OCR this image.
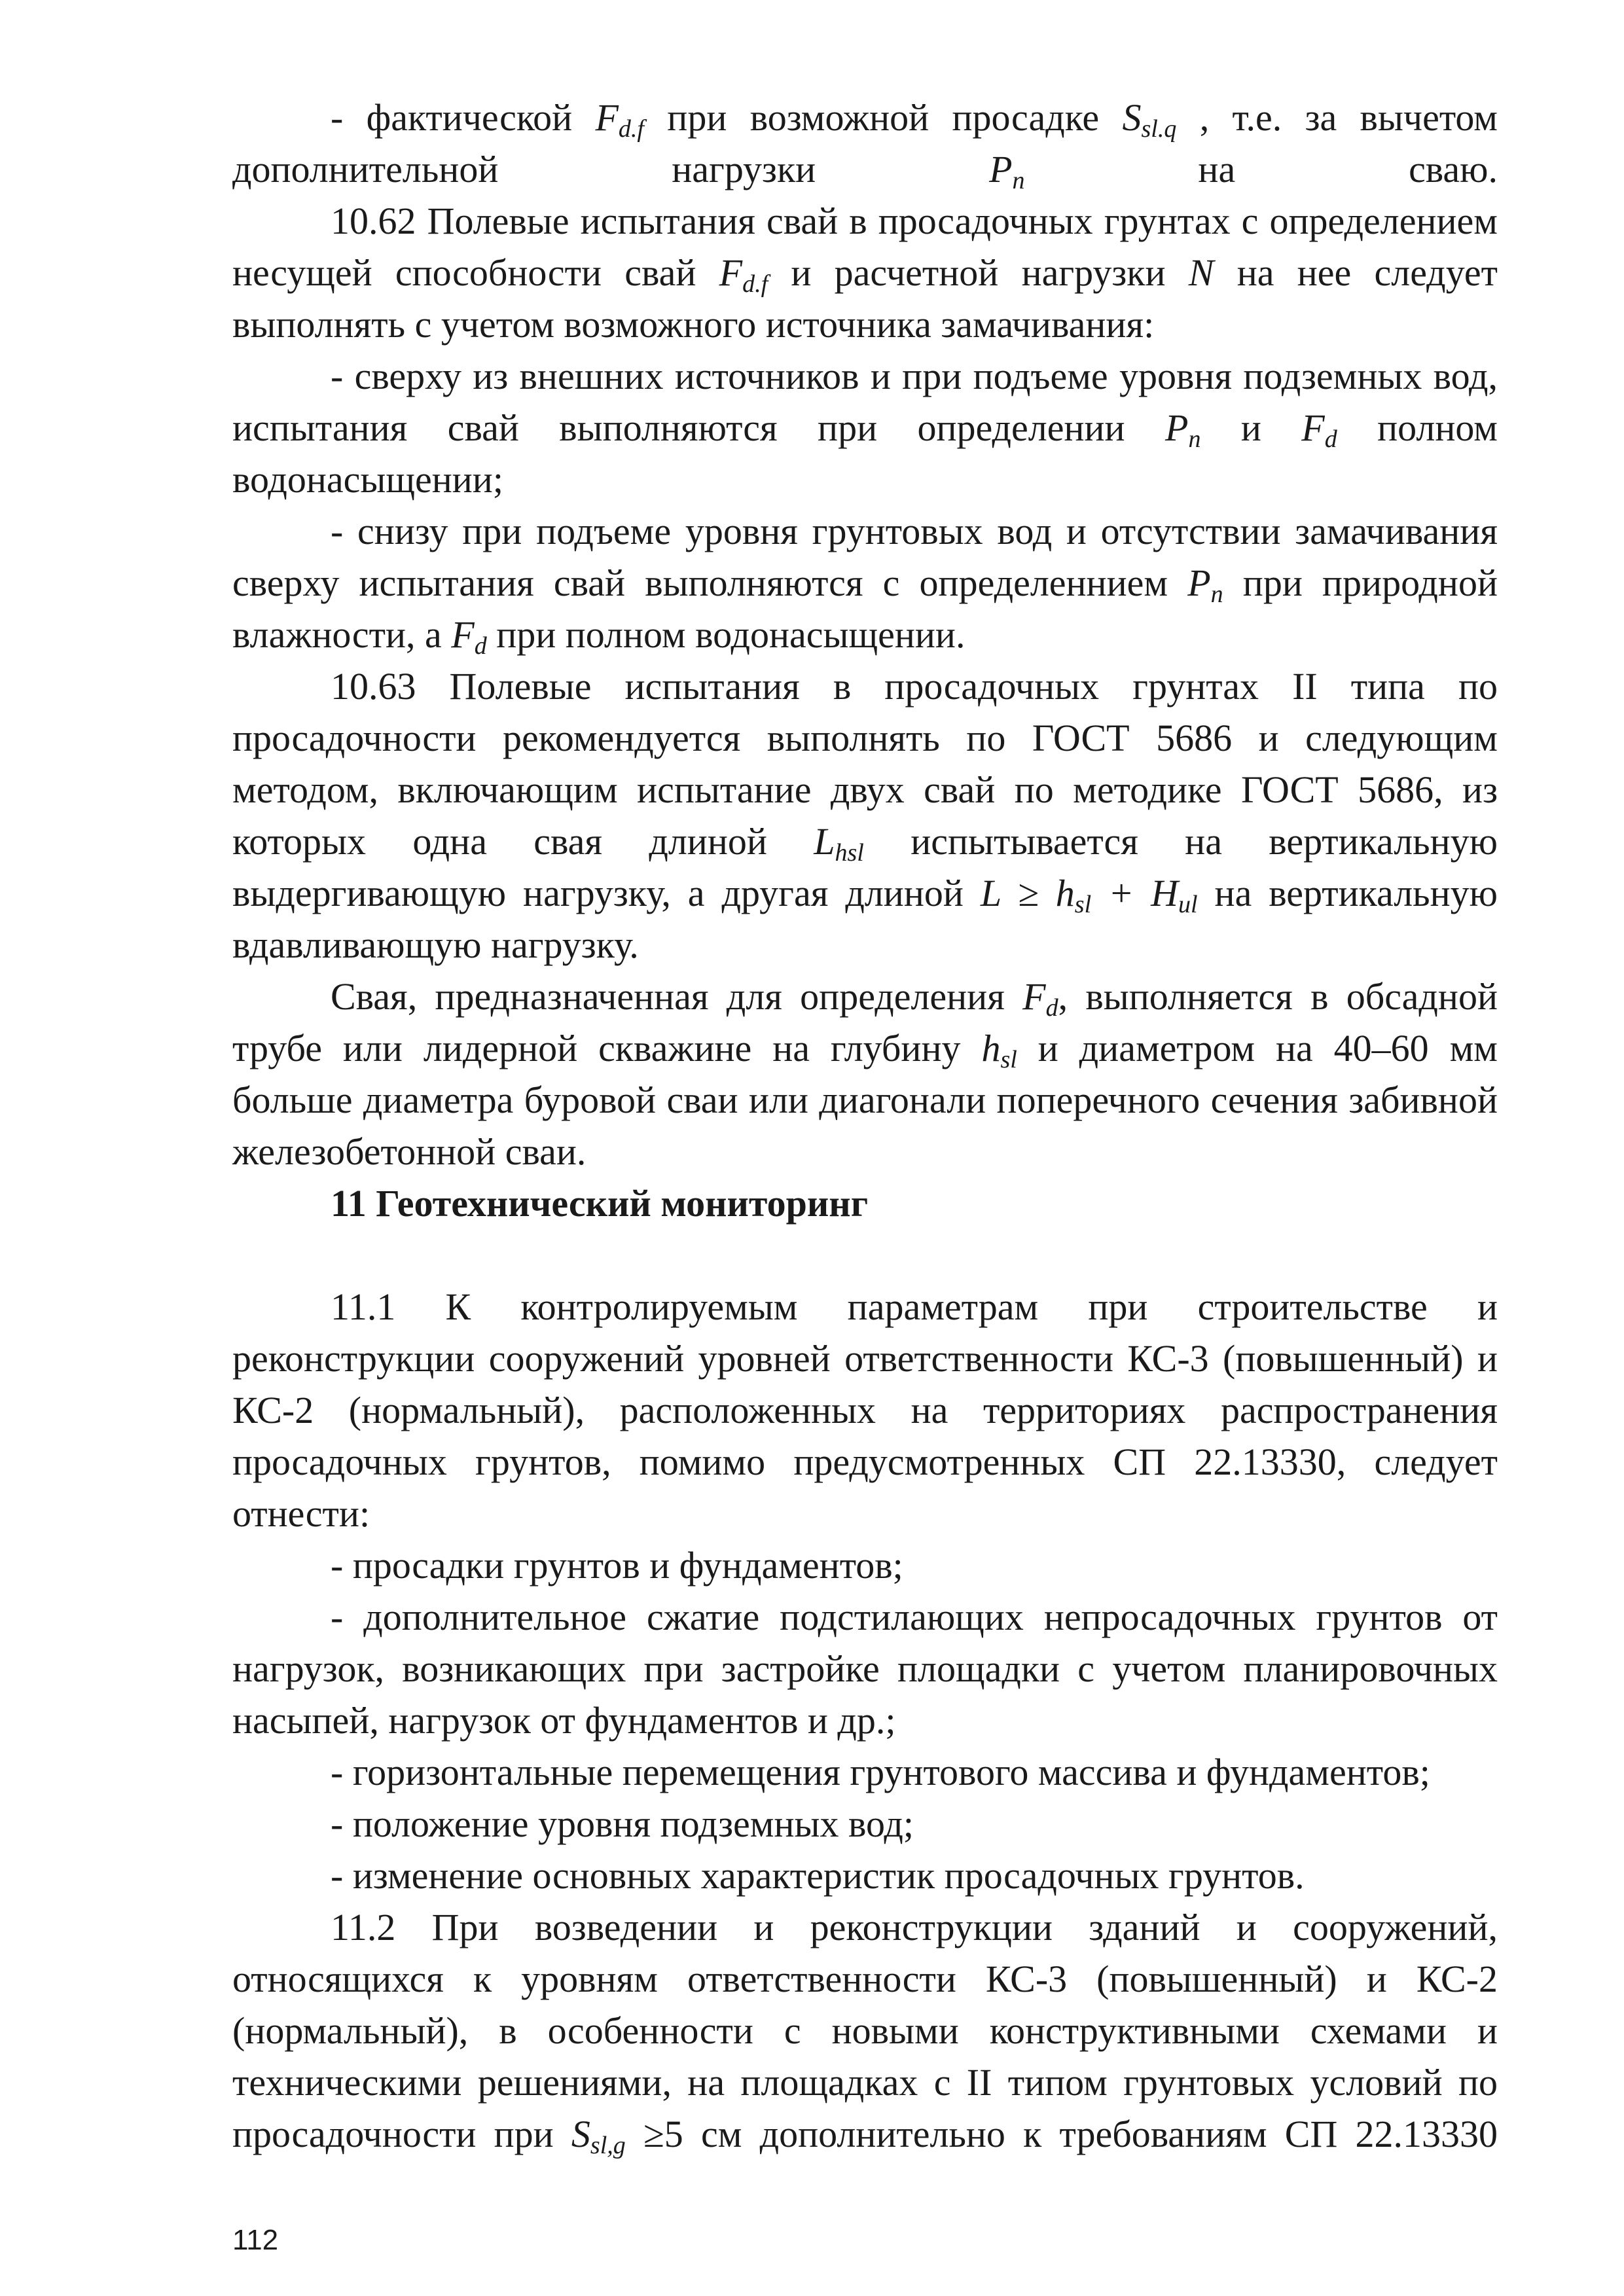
- фактической $F_{d.f}$ при возможной просадке $S_{sl.q}$ , т.е. за вычетом дополнительной нагрузки	$P_n$	на сваю.

10.62 Полевые испытания свай в просадочных грунтах с определением несущей способности свай $F_{d.f}$ и расчетной нагрузки N на нее следует выполнять с учетом возможного источника замачивания:

- сверху из внешних источников и при подъеме уровня подземных вод, испытания свай выполняются при определении $P_n$ и $F_d$ полном водонасыщении;

- снизу при подъеме уровня грунтовых вод и отсутствии замачивания сверху испытания свай выполняются с определеннием $P_n$ при природной влажности, а $F_d$ при полном водонасыщении.

10.63 Полевые испытания в просадочных грунтах II типа по просадочности рекомендуется выполнять по ГОСТ 5686 и следующим методом, включающим испытание двух свай по методике ГОСТ 5686, из которых одна свая длиной $L_{hsl}$ испытывается на вертикальную выдергивающую нагрузку, а другая длиной $L \ge h_{sl} + H_{ul}$ на вертикальную вдавливающую нагрузку.

Свая, предназначенная для определения $F_d$, выполняется в обсадной трубе или лидерной скважине на глубину $h_{sl}$ и диаметром на 40–60 мм больше диаметра буровой сваи или диагонали поперечного сечения забивной железобетонной сваи.

11 Геотехнический мониторинг

11.1 К контролируемым параметрам при строительстве и реконструкции сооружений уровней ответственности КС-3 (повышенный) и КС-2 (нормальный), расположенных на территориях распространения просадочных грунтов, помимо предусмотренных СП 22.13330, следует отнести:

- просадки грунтов и фундаментов;

- дополнительное сжатие подстилающих непросадочных грунтов от нагрузок, возникающих при застройке площадки с учетом планировочных насыпей, нагрузок от фундаментов и др.;

- горизонтальные перемещения грунтового массива и фундаментов;

- положение уровня подземных вод;

- изменение основных характеристик просадочных грунтов.

11.2 При возведении и реконструкции зданий и сооружений, относящихся к уровням ответственности КС-3 (повышенный) и КС-2 (нормальный), в особенности с новыми конструктивными схемами и техническими решениями, на площадках с II типом грунтовых условий по просадочности при $S_{sl,g} \ge 5$ см дополнительно к требованиям СП 22.13330

112
